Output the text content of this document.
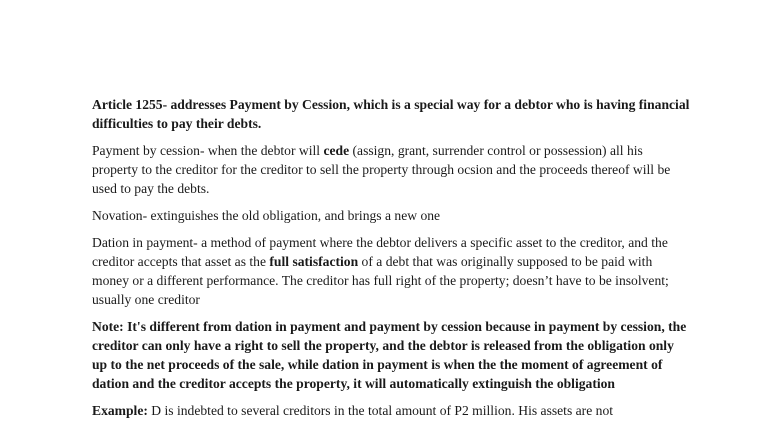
Article 1255- addresses Payment by Cession, which is a special way for a debtor who is having financial difficulties to pay their debts.

Payment by cession- when the debtor will cede (assign, grant, surrender control or possession) all his property to the creditor for the creditor to sell the property through ocsion and the proceeds thereof will be used to pay the debts.

Novation- extinguishes the old obligation, and brings a new one

Dation in payment- a method of payment where the debtor delivers a specific asset to the creditor, and the creditor accepts that asset as the full satisfaction of a debt that was originally supposed to be paid with money or a different performance. The creditor has full right of the property; doesn’t have to be insolvent; usually one creditor

Note: It's different from dation in payment and payment by cession because in payment by cession, the creditor can only have a right to sell the property, and the debtor is released from the obligation only up to the net proceeds of the sale, while dation in payment is when the the moment of agreement of dation and the creditor accepts the property, it will automatically extinguish the obligation

Example: D is indebted to several creditors in the total amount of P2 million. His assets are not
